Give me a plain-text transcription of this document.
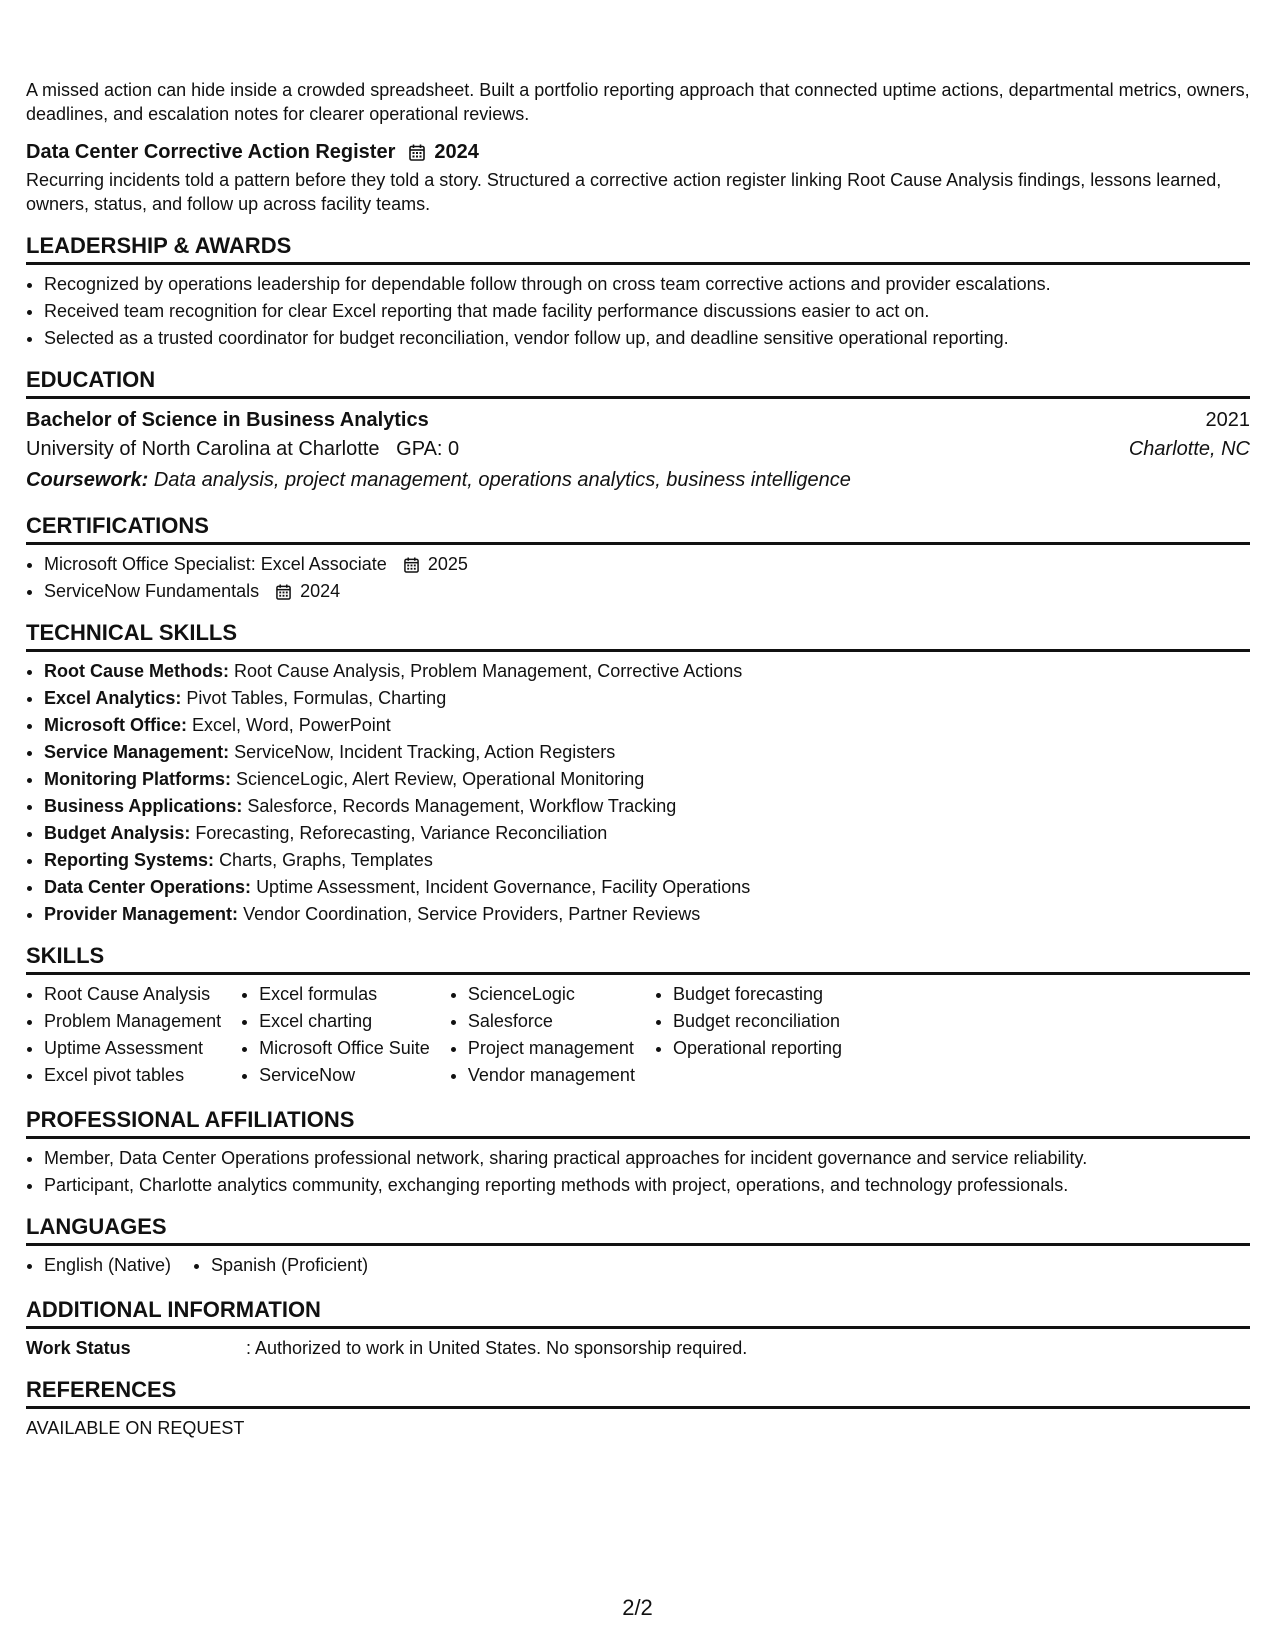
A missed action can hide inside a crowded spreadsheet. Built a portfolio reporting approach that connected uptime actions, departmental metrics, owners, deadlines, and escalation notes for clearer operational reviews.

Data Center Corrective Action Register 2024

Recurring incidents told a pattern before they told a story. Structured a corrective action register linking Root Cause Analysis findings, lessons learned, owners, status, and follow up across facility teams.

LEADERSHIP & AWARDS
• Recognized by operations leadership for dependable follow through on cross team corrective actions and provider escalations.
• Received team recognition for clear Excel reporting that made facility performance discussions easier to act on.
• Selected as a trusted coordinator for budget reconciliation, vendor follow up, and deadline sensitive operational reporting.
EDUCATION
Bachelor of Science in Business Analytics	2021
University of North Carolina at Charlotte GPA: 0	Charlotte, NC
Coursework: Data analysis, project management, operations analytics, business intelligence
CERTIFICATIONS
• Microsoft Office Specialist: Excel Associate 2025
• ServiceNow Fundamentals 2024
TECHNICAL SKILLS
• Root Cause Methods: Root Cause Analysis, Problem Management, Corrective Actions
• Excel Analytics: Pivot Tables, Formulas, Charting
• Microsoft Office: Excel, Word, PowerPoint
• Service Management: ServiceNow, Incident Tracking, Action Registers
• Monitoring Platforms: ScienceLogic, Alert Review, Operational Monitoring
• Business Applications: Salesforce, Records Management, Workflow Tracking
• Budget Analysis: Forecasting, Reforecasting, Variance Reconciliation
• Reporting Systems: Charts, Graphs, Templates
• Data Center Operations: Uptime Assessment, Incident Governance, Facility Operations
• Provider Management: Vendor Coordination, Service Providers, Partner Reviews
SKILLS
• Root Cause Analysis
• Problem Management
• Uptime Assessment
• Excel pivot tables
• Excel formulas
• Excel charting
• Microsoft Office Suite
• ServiceNow
• ScienceLogic
• Salesforce
• Project management
• Vendor management
• Budget forecasting
• Budget reconciliation
• Operational reporting
PROFESSIONAL AFFILIATIONS
• Member, Data Center Operations professional network, sharing practical approaches for incident governance and service reliability.
• Participant, Charlotte analytics community, exchanging reporting methods with project, operations, and technology professionals.
LANGUAGES
• English (Native)
• Spanish (Proficient)
ADDITIONAL INFORMATION
Work Status	: Authorized to work in United States. No sponsorship required.
REFERENCES

AVAILABLE ON REQUEST

2/2
